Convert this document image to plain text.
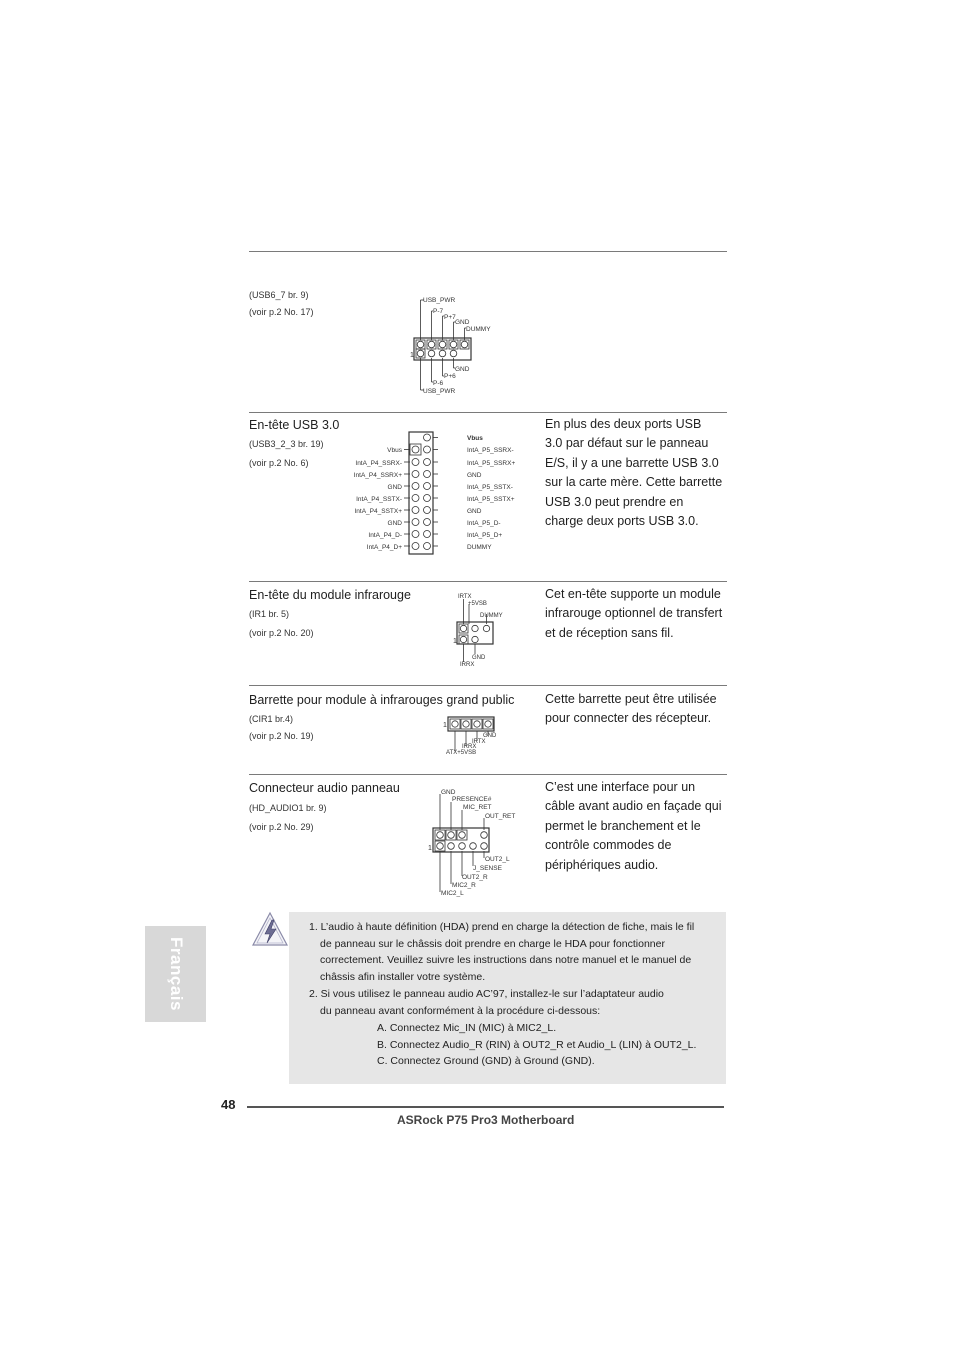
(USB6_7 br. 9)
(voir p.2 No. 17)
1
USB_PWR
P-7
P+7
GND
DUMMY
GND
P+6
P-6
USB_PWR
En-tête USB 3.0
(USB3_2_3 br. 19)
(voir p.2 No. 6)
En plus des deux ports USB
3.0 par défaut sur le panneau
E/S, il y a une barrette USB 3.0
sur la carte mère. Cette barrette
USB 3.0 peut prendre en
charge deux ports USB 3.0.
Vbus
IntA_P5_SSRX-
IntA_P5_SSRX+
GND
IntA_P5_SSTX-
IntA_P5_SSTX+
GND
IntA_P5_D-
IntA_P5_D+
DUMMY
Vbus
IntA_P4_SSRX-
IntA_P4_SSRX+
GND
IntA_P4_SSTX-
IntA_P4_SSTX+
GND
IntA_P4_D-
IntA_P4_D+
En-tête du module infrarouge
(IR1 br. 5)
(voir p.2 No. 20)
Cet en-tête supporte un module
infrarouge optionnel de transfert
et de réception sans fil.
1
IRTX
+5VSB
DUMMY
GND
IRRX
Barrette pour module à infrarouges grand public
(CIR1 br.4)
(voir p.2 No. 19)
Cette barrette peut être utilisée
pour connecter des récepteur.
1
GND
IRTX
IRRX
ATX+5VSB
Connecteur audio panneau
(HD_AUDIO1 br. 9)
(voir p.2 No. 29)
C’est une interface pour un
câble avant audio en façade qui
permet le branchement et le
contrôle commodes de
périphériques audio.
1
GND
PRESENCE#
MIC_RET
OUT_RET
OUT2_L
J_SENSE
OUT2_R
MIC2_R
MIC2_L
1. L’audio à haute définition (HDA) prend en charge la détection de fiche, mais le fil
de panneau sur le châssis doit prendre en charge le HDA pour fonctionner
correctement. Veuillez suivre les instructions dans notre manuel et le manuel de
châssis afin installer votre système.
2. Si vous utilisez le panneau audio AC’97, installez-le sur l’adaptateur audio
du panneau avant conformément à la procédure ci-dessous:
A. Connectez Mic_IN (MIC) à MIC2_L.
B. Connectez Audio_R (RIN) à OUT2_R et Audio_L (LIN) à OUT2_L.
C. Connectez Ground (GND) à Ground (GND).
Français
48
ASRock P75 Pro3 Motherboard
